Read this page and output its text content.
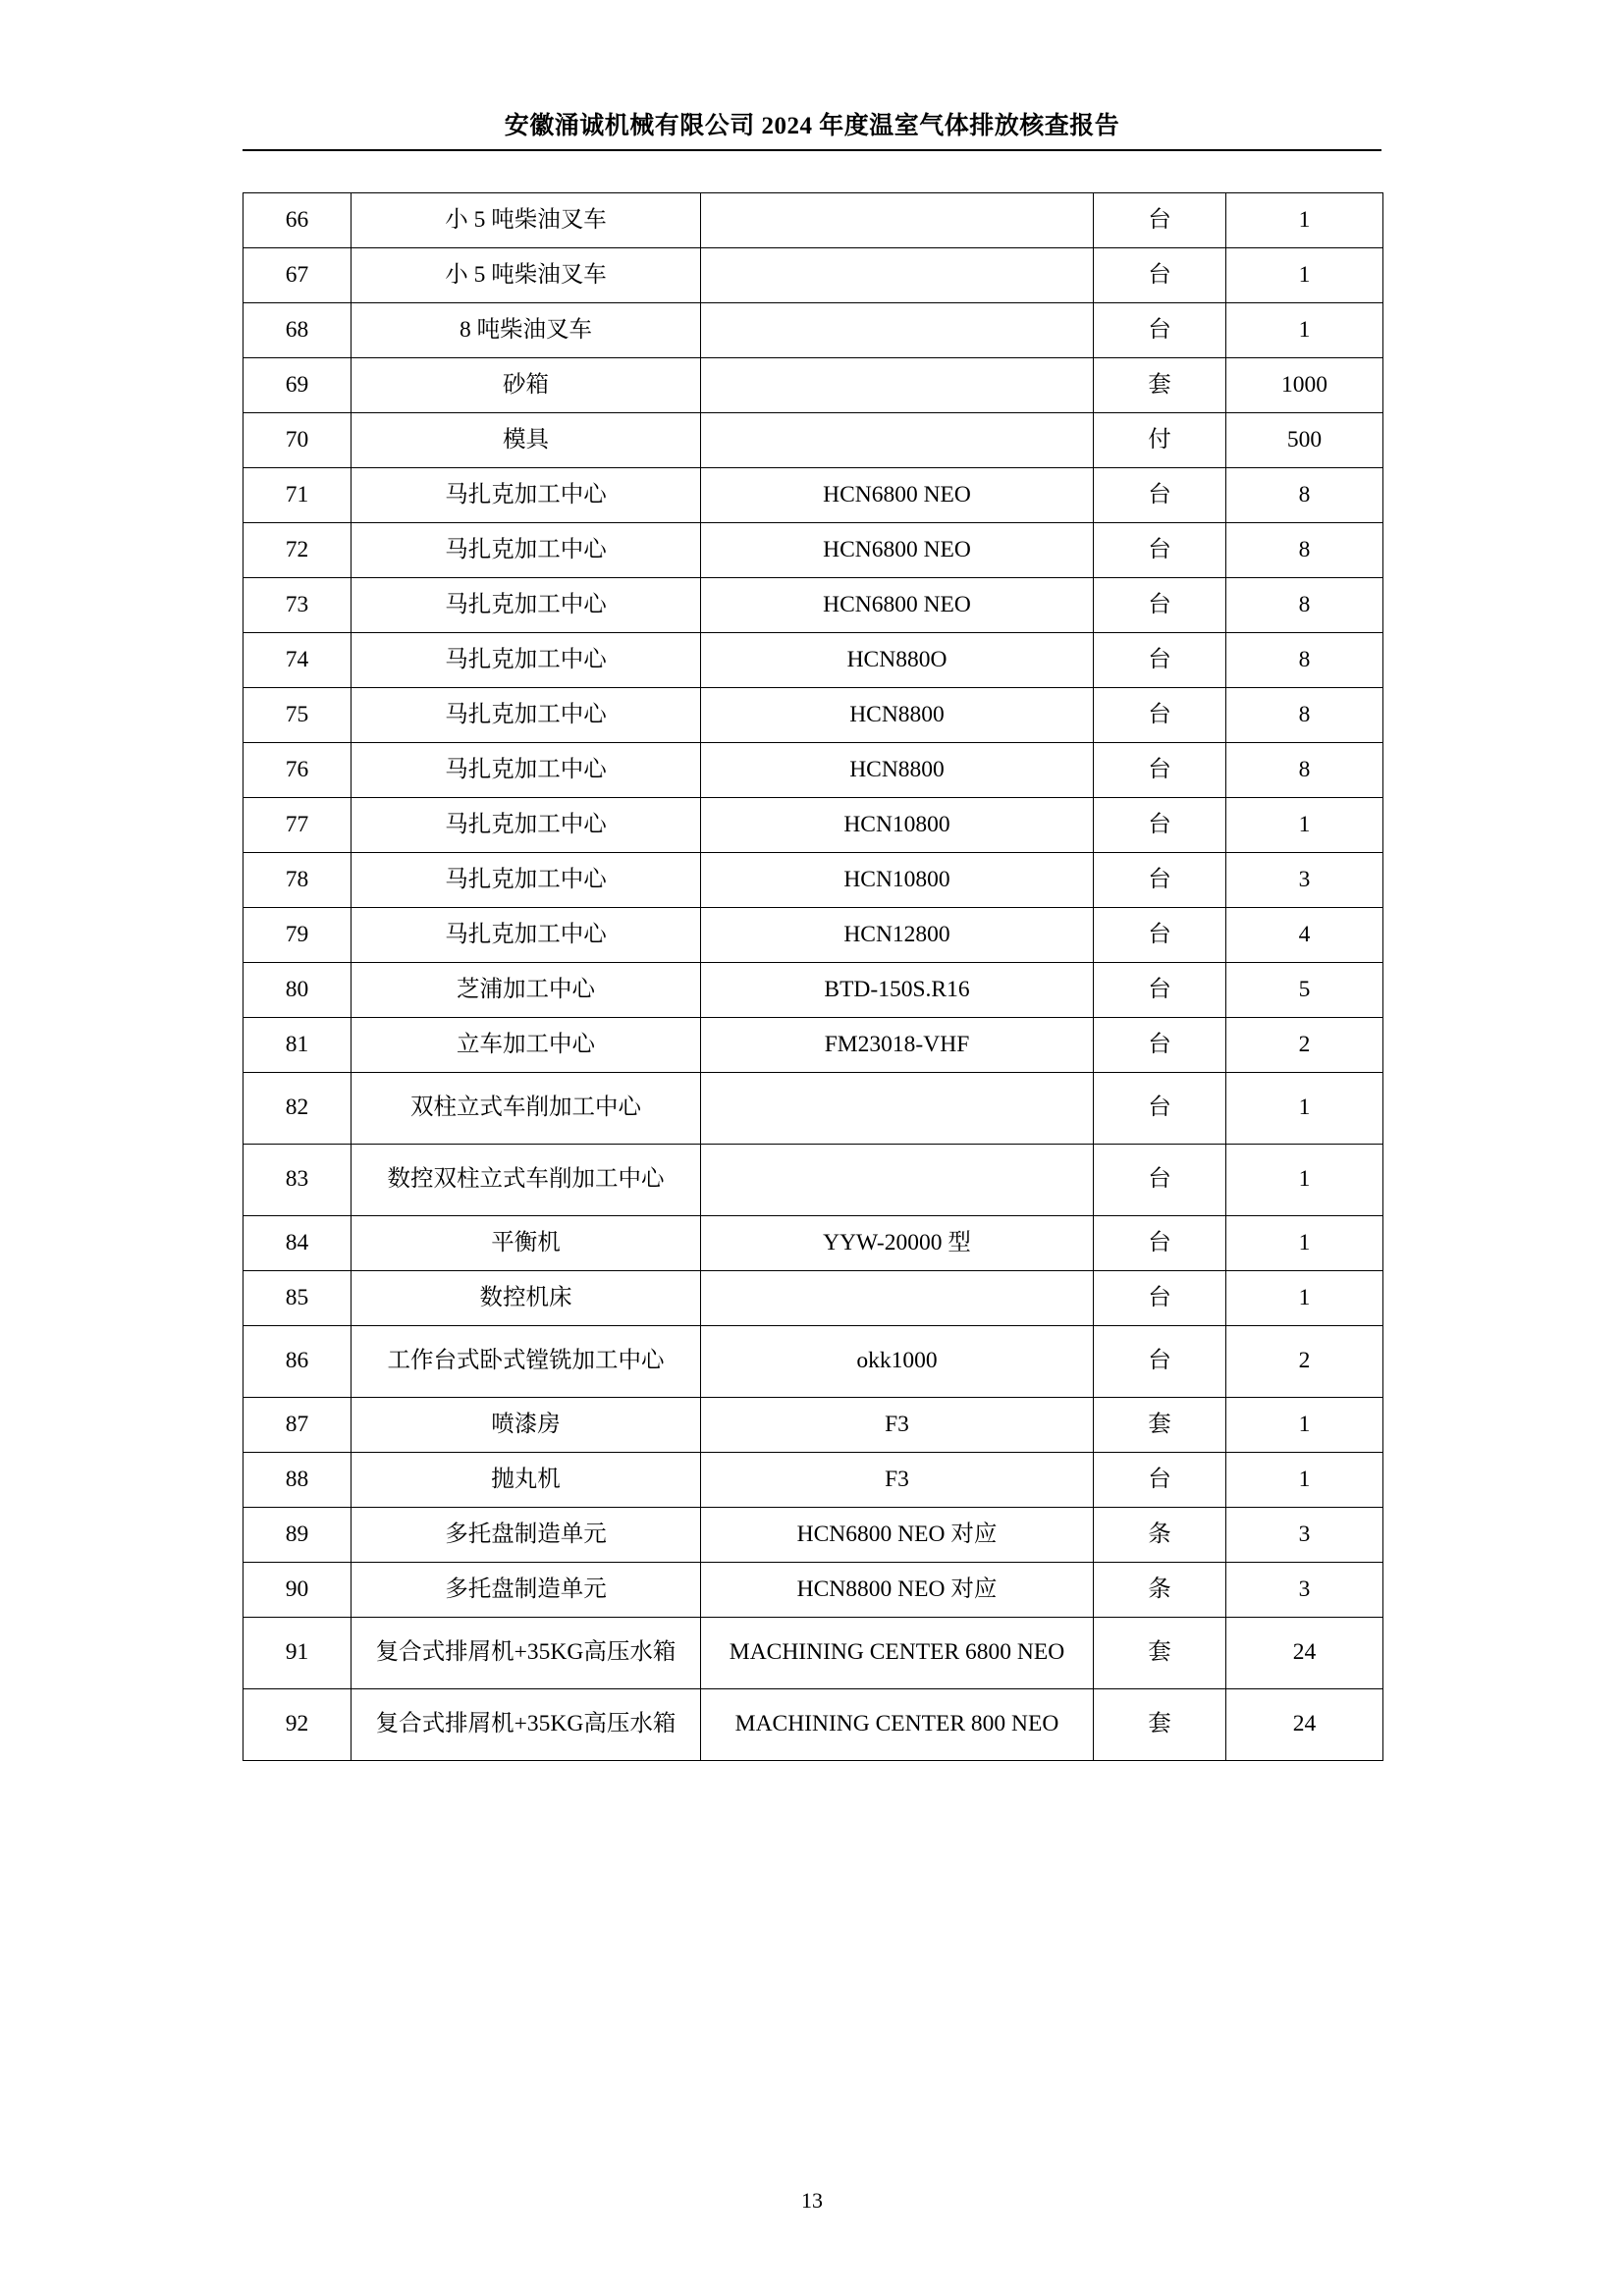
安徽涌诚机械有限公司 2024 年度温室气体排放核查报告
66	小 5 吨柴油叉车		台	1
67	小 5 吨柴油叉车		台	1
68	8 吨柴油叉车		台	1
69	砂箱		套	1000
70	模具		付	500
71	马扎克加工中心	HCN6800 NEO	台	8
72	马扎克加工中心	HCN6800 NEO	台	8
73	马扎克加工中心	HCN6800 NEO	台	8
74	马扎克加工中心	HCN880O	台	8
75	马扎克加工中心	HCN8800	台	8
76	马扎克加工中心	HCN8800	台	8
77	马扎克加工中心	HCN10800	台	1
78	马扎克加工中心	HCN10800	台	3
79	马扎克加工中心	HCN12800	台	4
80	芝浦加工中心	BTD-150S.R16	台	5
81	立车加工中心	FM23018-VHF	台	2
82	双柱立式车削加工中心		台	1
83	数控双柱立式车削加工中心		台	1
84	平衡机	YYW-20000 型	台	1
85	数控机床		台	1
86	工作台式卧式镗铣加工中心	okk1000	台	2
87	喷漆房	F3	套	1
88	抛丸机	F3	台	1
89	多托盘制造单元	HCN6800 NEO 对应	条	3
90	多托盘制造单元	HCN8800 NEO 对应	条	3
91	复合式排屑机+35KG高压水箱	MACHINING CENTER 6800 NEO	套	24
92	复合式排屑机+35KG高压水箱	MACHINING CENTER 800 NEO	套	24
13
